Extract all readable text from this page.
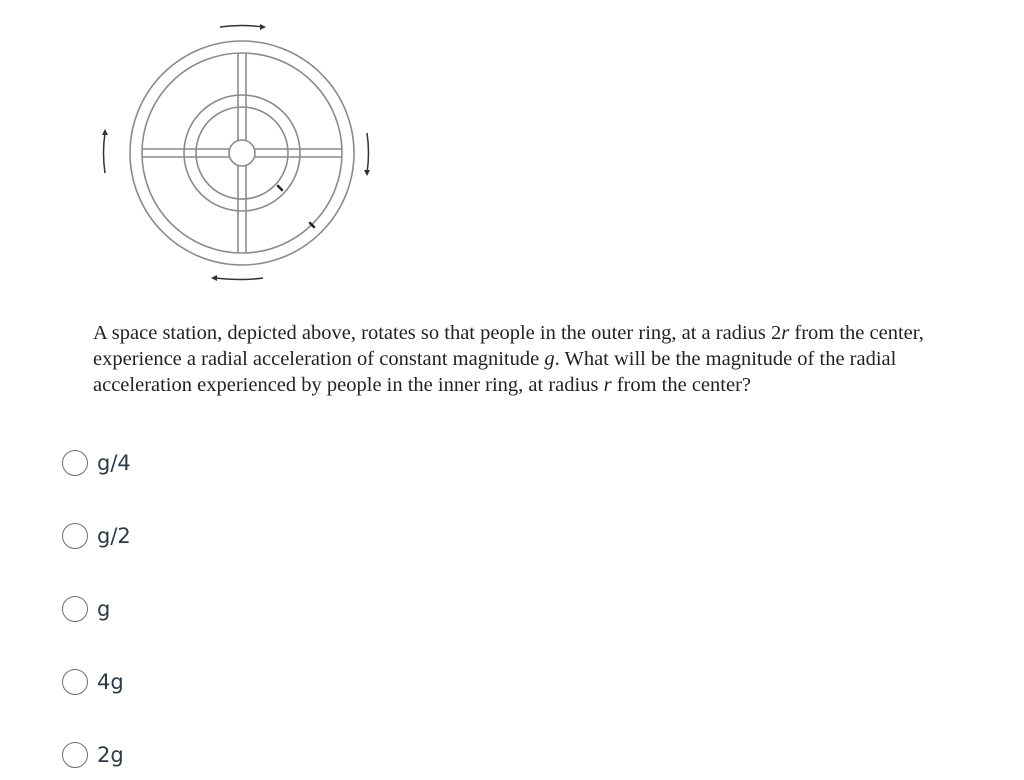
A space station, depicted above, rotates so that people in the outer ring, at a radius 2r from the center, experience a radial acceleration of constant magnitude g. What will be the magnitude of the radial acceleration experienced by people in the inner ring, at radius r from the center?

g/4
g/2
g
4g
2g
